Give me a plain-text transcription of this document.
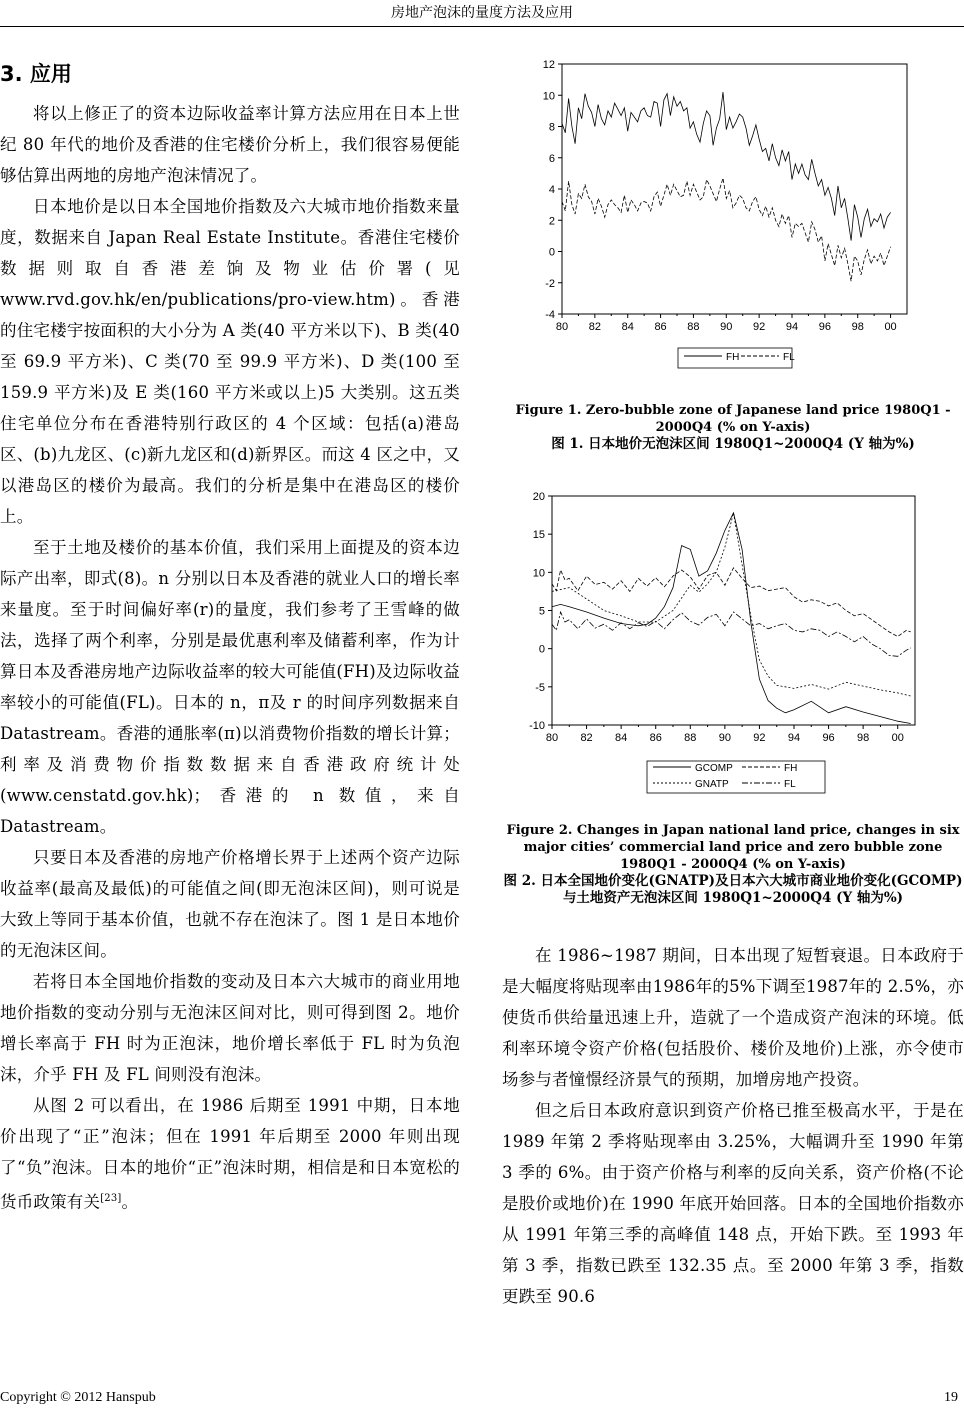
房地产泡沫的量度方法及应用
3. 应用

将以上修正了的资本边际收益率计算方法应用在日本上世纪 80 年代的地价及香港的住宅楼价分析上，我们很容易便能够估算出两地的房地产泡沫情况了。

日本地价是以日本全国地价指数及六大城市地价指数来量度，数据来自 Japan Real Estate Institute。香港住宅楼价数据则取自香港差饷及物业估价署(见www.rvd.gov.hk/en/publications/pro-view.htm)。香港的住宅楼宇按面积的大小分为 A 类(40 平方米以下)、B 类(40 至 69.9 平方米)、C 类(70 至 99.9 平方米)、D 类(100 至 159.9 平方米)及 E 类(160 平方米或以上)5 大类别。这五类住宅单位分布在香港特别行政区的 4 个区域：包括(a)港岛区、(b)九龙区、(c)新九龙区和(d)新界区。而这 4 区之中，又以港岛区的楼价为最高。我们的分析是集中在港岛区的楼价上。

至于土地及楼价的基本价值，我们采用上面提及的资本边际产出率，即式(8)。n 分别以日本及香港的就业人口的增长率来量度。至于时间偏好率(r)的量度，我们参考了王雪峰的做法，选择了两个利率，分别是最优惠利率及储蓄利率，作为计算日本及香港房地产边际收益率的较大可能值(FH)及边际收益率较小的可能值(FL)。日本的 n，π及 r 的时间序列数据来自 Datastream。香港的通胀率(π)以消费物价指数的增长计算；利率及消费物价指数数据来自香港政府统计处(www.censtatd.gov.hk)；香港的 n 数值，来自 Datastream。

只要日本及香港的房地产价格增长界于上述两个资产边际收益率(最高及最低)的可能值之间(即无泡沫区间)，则可说是大致上等同于基本价值，也就不存在泡沫了。图 1 是日本地价的无泡沫区间。

若将日本全国地价指数的变动及日本六大城市的商业用地地价指数的变动分别与无泡沫区间对比，则可得到图 2。地价增长率高于 FH 时为正泡沫，地价增长率低于 FL 时为负泡沫，介乎 FH 及 FL 间则没有泡沫。

从图 2 可以看出，在 1986 后期至 1991 中期，日本地价出现了“正”泡沫；但在 1991 年后期至 2000 年则出现了“负”泡沫。日本的地价“正”泡沫时期，相信是和日本宽松的货币政策有关[23]。

12
10
8
6
4
2
0
-2
-4
80 82 84 86 88 90 92 94 96 98 00
FH	FL
Figure 1. Zero-bubble zone of Japanese land price 1980Q1 - 2000Q4 (% on Y-axis)
图 1. 日本地价无泡沫区间 1980Q1~2000Q4 (Y 轴为%)
20
15
10
5
0
-5
-10
80 82 84 86 88 90 92 94 96 98 00
GCOMP
GNATP
FH
FL
Figure 2. Changes in Japan national land price, changes in six major cities’ commercial land price and zero bubble zone 1980Q1 - 2000Q4 (% on Y-axis)
图 2. 日本全国地价变化(GNATP)及日本六大城市商业地价变化(GCOMP)与土地资产无泡沫区间 1980Q1~2000Q4 (Y 轴为%)

在 1986~1987 期间，日本出现了短暂衰退。日本政府于是大幅度将贴现率由1986年的5%下调至1987年的 2.5%，亦使货币供给量迅速上升，造就了一个造成资产泡沫的环境。低利率环境令资产价格(包括股价、楼价及地价)上涨，亦令使市场参与者憧憬经济景气的预期，加增房地产投资。

但之后日本政府意识到资产价格已推至极高水平，于是在 1989 年第 2 季将贴现率由 3.25%，大幅调升至 1990 年第 3 季的 6%。由于资产价格与利率的反向关系，资产价格(不论是股价或地价)在 1990 年底开始回落。日本的全国地价指数亦从 1991 年第三季的高峰值 148 点，开始下跌。至 1993 年第 3 季，指数已跌至 132.35 点。至 2000 年第 3 季，指数更跌至 90.6

Copyright © 2012 Hanspub	19
